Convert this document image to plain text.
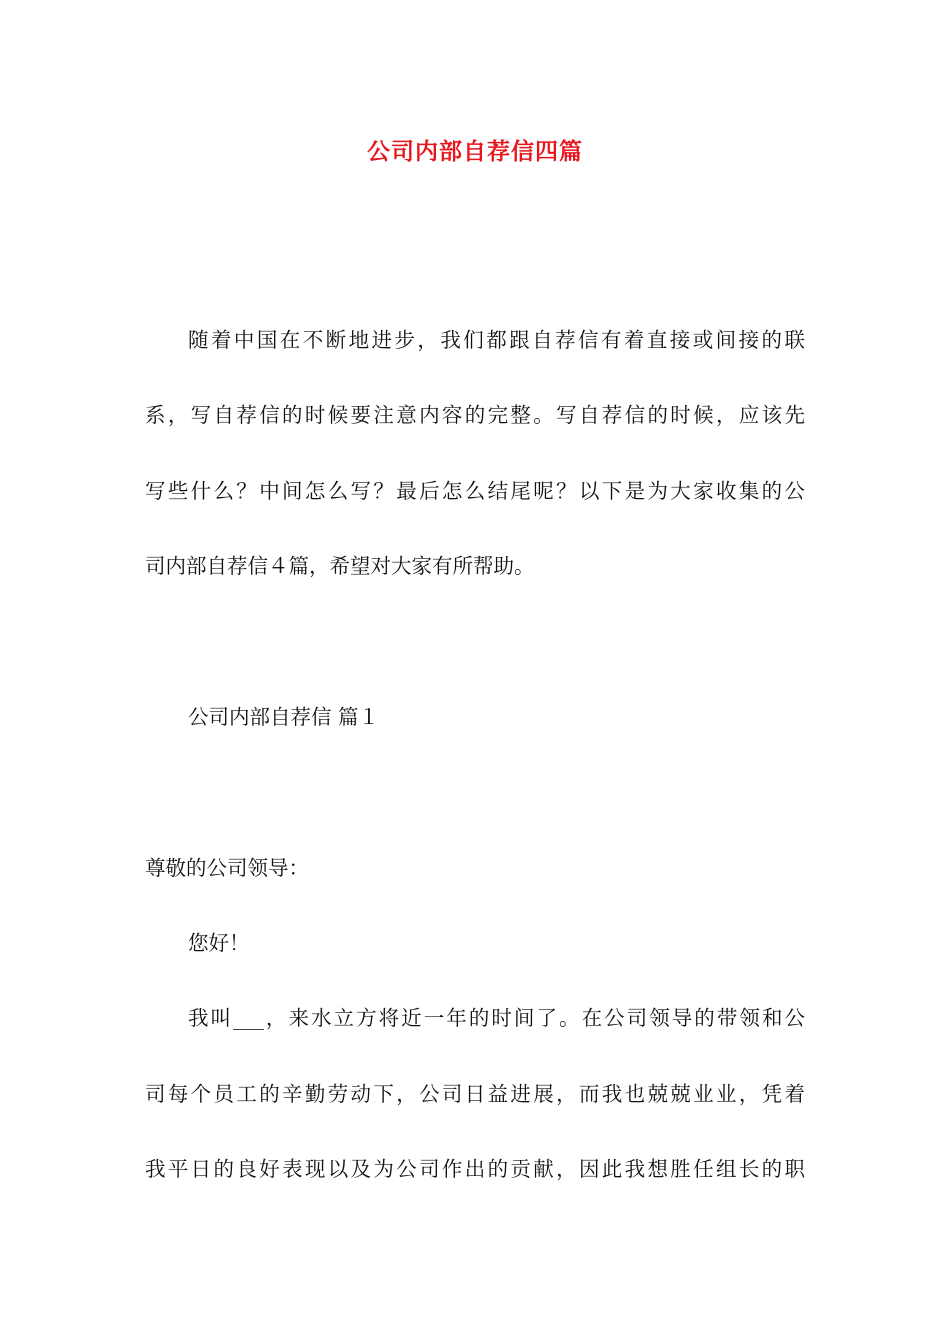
公司内部自荐信四篇
随着中国在不断地进步，我们都跟自荐信有着直接或间接的联
系，写自荐信的时候要注意内容的完整。写自荐信的时候，应该先
写些什么？中间怎么写？最后怎么结尾呢？以下是为大家收集的公
司内部自荐信４篇，希望对大家有所帮助。
公司内部自荐信 篇１
尊敬的公司领导：
您好！
我叫___，来水立方将近一年的时间了。在公司领导的带领和公
司每个员工的辛勤劳动下，公司日益进展，而我也兢兢业业，凭着
我平日的良好表现以及为公司作出的贡献，因此我想胜任组长的职
